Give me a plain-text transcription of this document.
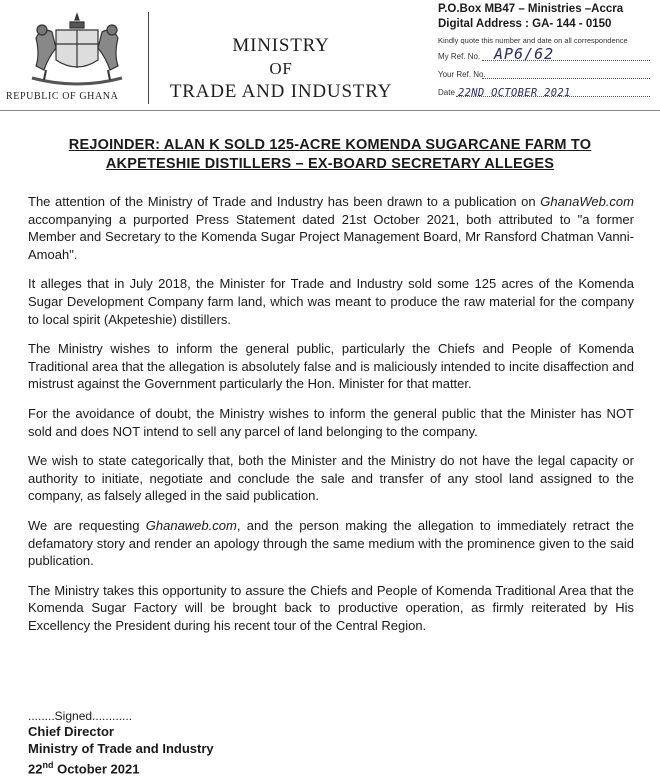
REPUBLIC OF GHANA
MINISTRY
OF
TRADE AND INDUSTRY
P.O.Box MB47 – Ministries –Accra
Digital Address : GA- 144 - 0150
Kindly quote this number and date on all correspondence
My Ref. No. AP6/62
Your Ref. No.
Date 22ND OCTOBER 2021
REJOINDER: ALAN K SOLD 125-ACRE KOMENDA SUGARCANE FARM TO
AKPETESHIE DISTILLERS – EX-BOARD SECRETARY ALLEGES

The attention of the Ministry of Trade and Industry has been drawn to a publication on GhanaWeb.com accompanying a purported Press Statement dated 21st October 2021, both attributed to "a former Member and Secretary to the Komenda Sugar Project Management Board, Mr Ransford Chatman Vanni-Amoah".

It alleges that in July 2018, the Minister for Trade and Industry sold some 125 acres of the Komenda Sugar Development Company farm land, which was meant to produce the raw material for the company to local spirit (Akpeteshie) distillers.

The Ministry wishes to inform the general public, particularly the Chiefs and People of Komenda Traditional area that the allegation is absolutely false and is maliciously intended to incite disaffection and mistrust against the Government particularly the Hon. Minister for that matter.

For the avoidance of doubt, the Ministry wishes to inform the general public that the Minister has NOT sold and does NOT intend to sell any parcel of land belonging to the company.

We wish to state categorically that, both the Minister and the Ministry do not have the legal capacity or authority to initiate, negotiate and conclude the sale and transfer of any stool land assigned to the company, as falsely alleged in the said publication.

We are requesting Ghanaweb.com, and the person making the allegation to immediately retract the defamatory story and render an apology through the same medium with the prominence given to the said publication.

The Ministry takes this opportunity to assure the Chiefs and People of Komenda Traditional Area that the Komenda Sugar Factory will be brought back to productive operation, as firmly reiterated by His Excellency the President during his recent tour of the Central Region.

........Signed............
Chief Director
Ministry of Trade and Industry
22nd October 2021
